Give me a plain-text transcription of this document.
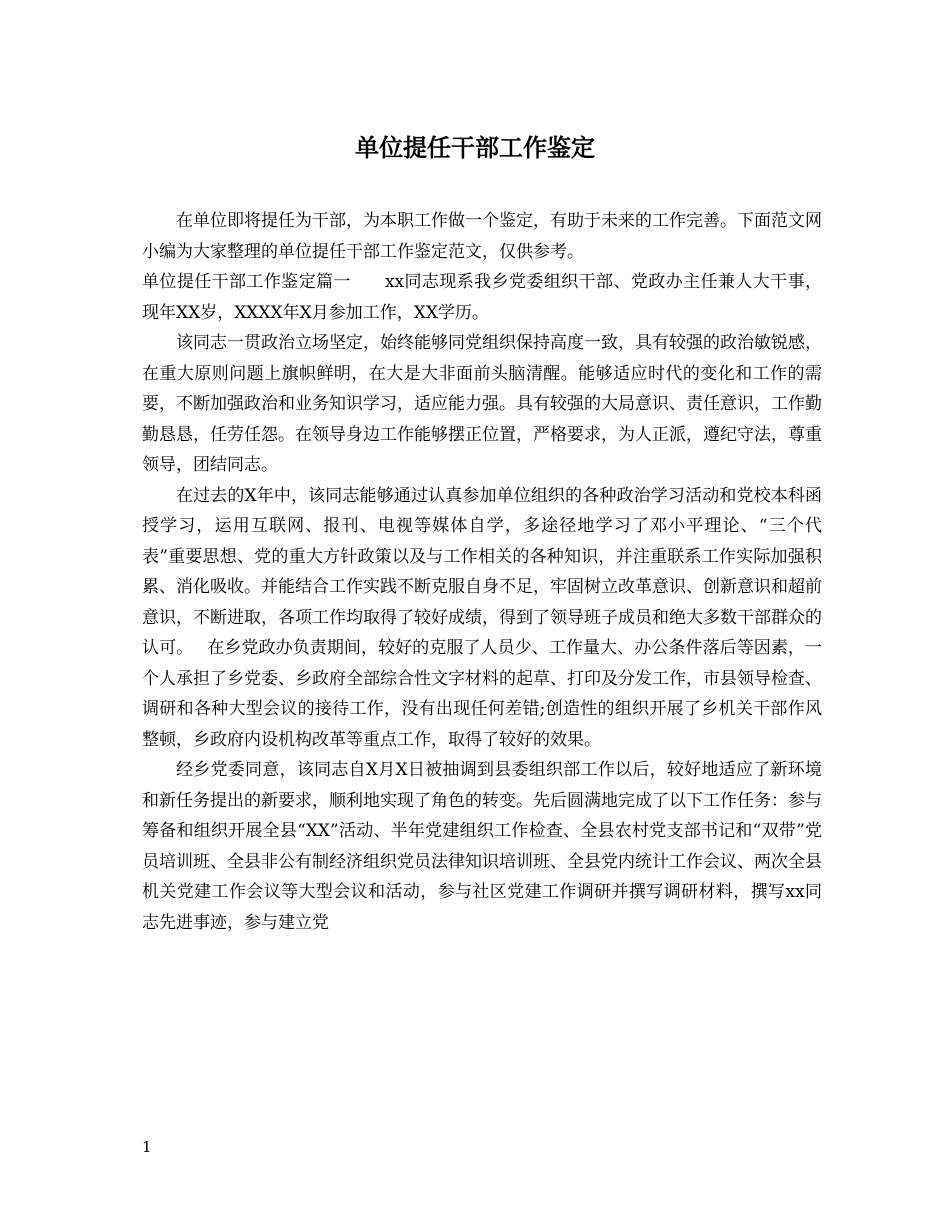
单位提任干部工作鉴定

在单位即将提任为干部，为本职工作做一个鉴定，有助于未来的工作完善。下面范文网小编为大家整理的单位提任干部工作鉴定范文，仅供参考。

单位提任干部工作鉴定篇一 xx同志现系我乡党委组织干部、党政办主任兼人大干事，现年XX岁，XXXX年X月参加工作，XX学历。

该同志一贯政治立场坚定，始终能够同党组织保持高度一致，具有较强的政治敏锐感，在重大原则问题上旗帜鲜明，在大是大非面前头脑清醒。能够适应时代的变化和工作的需要，不断加强政治和业务知识学习，适应能力强。具有较强的大局意识、责任意识，工作勤勤恳恳，任劳任怨。在领导身边工作能够摆正位置，严格要求，为人正派，遵纪守法，尊重领导，团结同志。

在过去的X年中，该同志能够通过认真参加单位组织的各种政治学习活动和党校本科函授学习，运用互联网、报刊、电视等媒体自学，多途径地学习了邓小平理论、“三个代表”重要思想、党的重大方针政策以及与工作相关的各种知识，并注重联系工作实际加强积累、消化吸收。并能结合工作实践不断克服自身不足，牢固树立改革意识、创新意识和超前意识，不断进取，各项工作均取得了较好成绩，得到了领导班子成员和绝大多数干部群众的认可。 在乡党政办负责期间，较好的克服了人员少、工作量大、办公条件落后等因素，一个人承担了乡党委、乡政府全部综合性文字材料的起草、打印及分发工作，市县领导检查、调研和各种大型会议的接待工作，没有出现任何差错;创造性的组织开展了乡机关干部作风整顿，乡政府内设机构改革等重点工作，取得了较好的效果。

经乡党委同意，该同志自X月X日被抽调到县委组织部工作以后，较好地适应了新环境和新任务提出的新要求，顺利地实现了角色的转变。先后圆满地完成了以下工作任务：参与筹备和组织开展全县“XX”活动、半年党建组织工作检查、全县农村党支部书记和“双带”党员培训班、全县非公有制经济组织党员法律知识培训班、全县党内统计工作会议、两次全县机关党建工作会议等大型会议和活动，参与社区党建工作调研并撰写调研材料，撰写xx同志先进事迹，参与建立党

1
